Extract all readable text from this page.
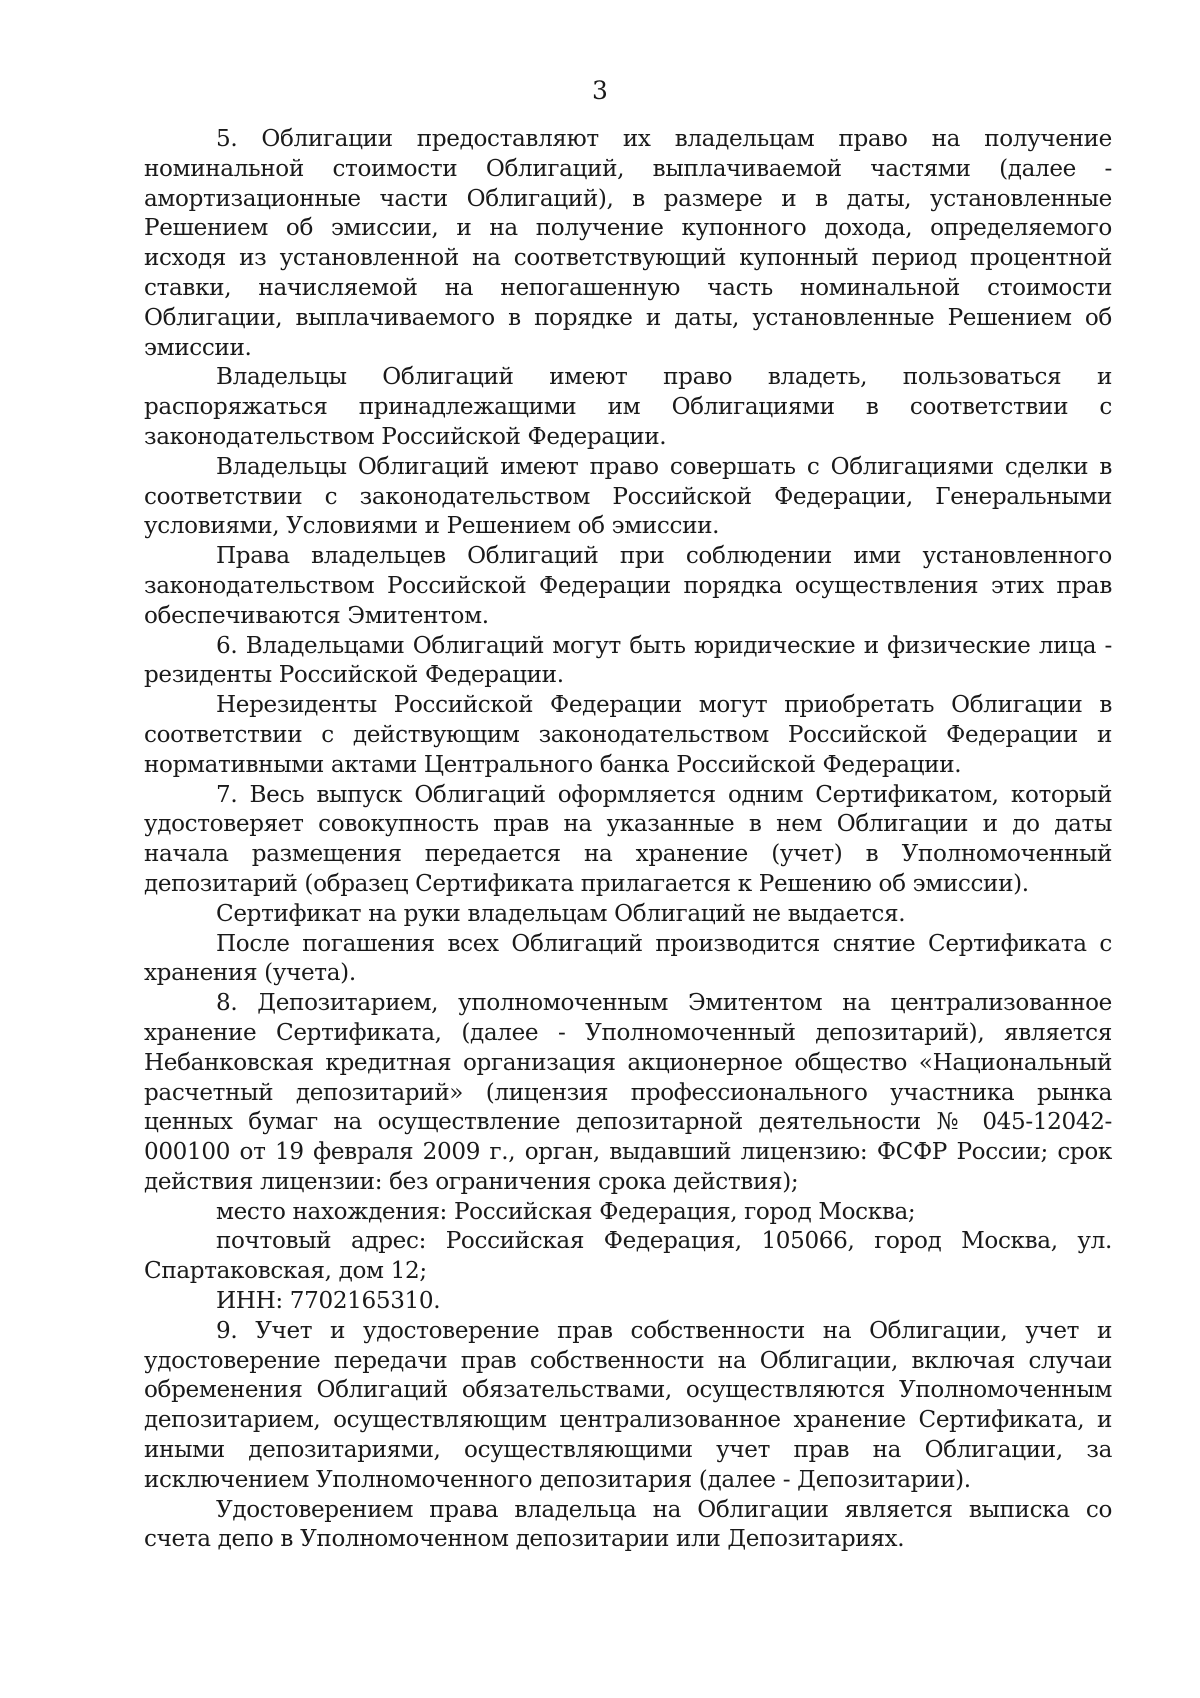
3

5. Облигации предоставляют их владельцам право на получение номинальной стоимости Облигаций, выплачиваемой частями (далее - амортизационные части Облигаций), в размере и в даты, установленные Решением об эмиссии, и на получение купонного дохода, определяемого исходя из установленной на соответствующий купонный период процентной ставки, начисляемой на непогашенную часть номинальной стоимости Облигации, выплачиваемого в порядке и даты, установленные Решением об эмиссии.

Владельцы Облигаций имеют право владеть, пользоваться и распоряжаться принадлежащими им Облигациями в соответствии с законодательством Российской Федерации.

Владельцы Облигаций имеют право совершать с Облигациями сделки в соответствии с законодательством Российской Федерации, Генеральными условиями, Условиями и Решением об эмиссии.

Права владельцев Облигаций при соблюдении ими установленного законодательством Российской Федерации порядка осуществления этих прав обеспечиваются Эмитентом.

6. Владельцами Облигаций могут быть юридические и физические лица - резиденты Российской Федерации.

Нерезиденты Российской Федерации могут приобретать Облигации в соответствии с действующим законодательством Российской Федерации и нормативными актами Центрального банка Российской Федерации.

7. Весь выпуск Облигаций оформляется одним Сертификатом, который удостоверяет совокупность прав на указанные в нем Облигации и до даты начала размещения передается на хранение (учет) в Уполномоченный депозитарий (образец Сертификата прилагается к Решению об эмиссии).

Сертификат на руки владельцам Облигаций не выдается.

После погашения всех Облигаций производится снятие Сертификата с хранения (учета).

8. Депозитарием, уполномоченным Эмитентом на централизованное хранение Сертификата, (далее - Уполномоченный депозитарий), является Небанковская кредитная организация акционерное общество «Национальный расчетный депозитарий» (лицензия профессионального участника рынка ценных бумаг на осуществление депозитарной деятельности № 045-12042-000100 от 19 февраля 2009 г., орган, выдавший лицензию: ФСФР России; срок действия лицензии: без ограничения срока действия);

место нахождения: Российская Федерация, город Москва;

почтовый адрес: Российская Федерация, 105066, город Москва, ул. Спартаковская, дом 12;

ИНН: 7702165310.

9. Учет и удостоверение прав собственности на Облигации, учет и удостоверение передачи прав собственности на Облигации, включая случаи обременения Облигаций обязательствами, осуществляются Уполномоченным депозитарием, осуществляющим централизованное хранение Сертификата, и иными депозитариями, осуществляющими учет прав на Облигации, за исключением Уполномоченного депозитария (далее - Депозитарии).

Удостоверением права владельца на Облигации является выписка со счета депо в Уполномоченном депозитарии или Депозитариях.
